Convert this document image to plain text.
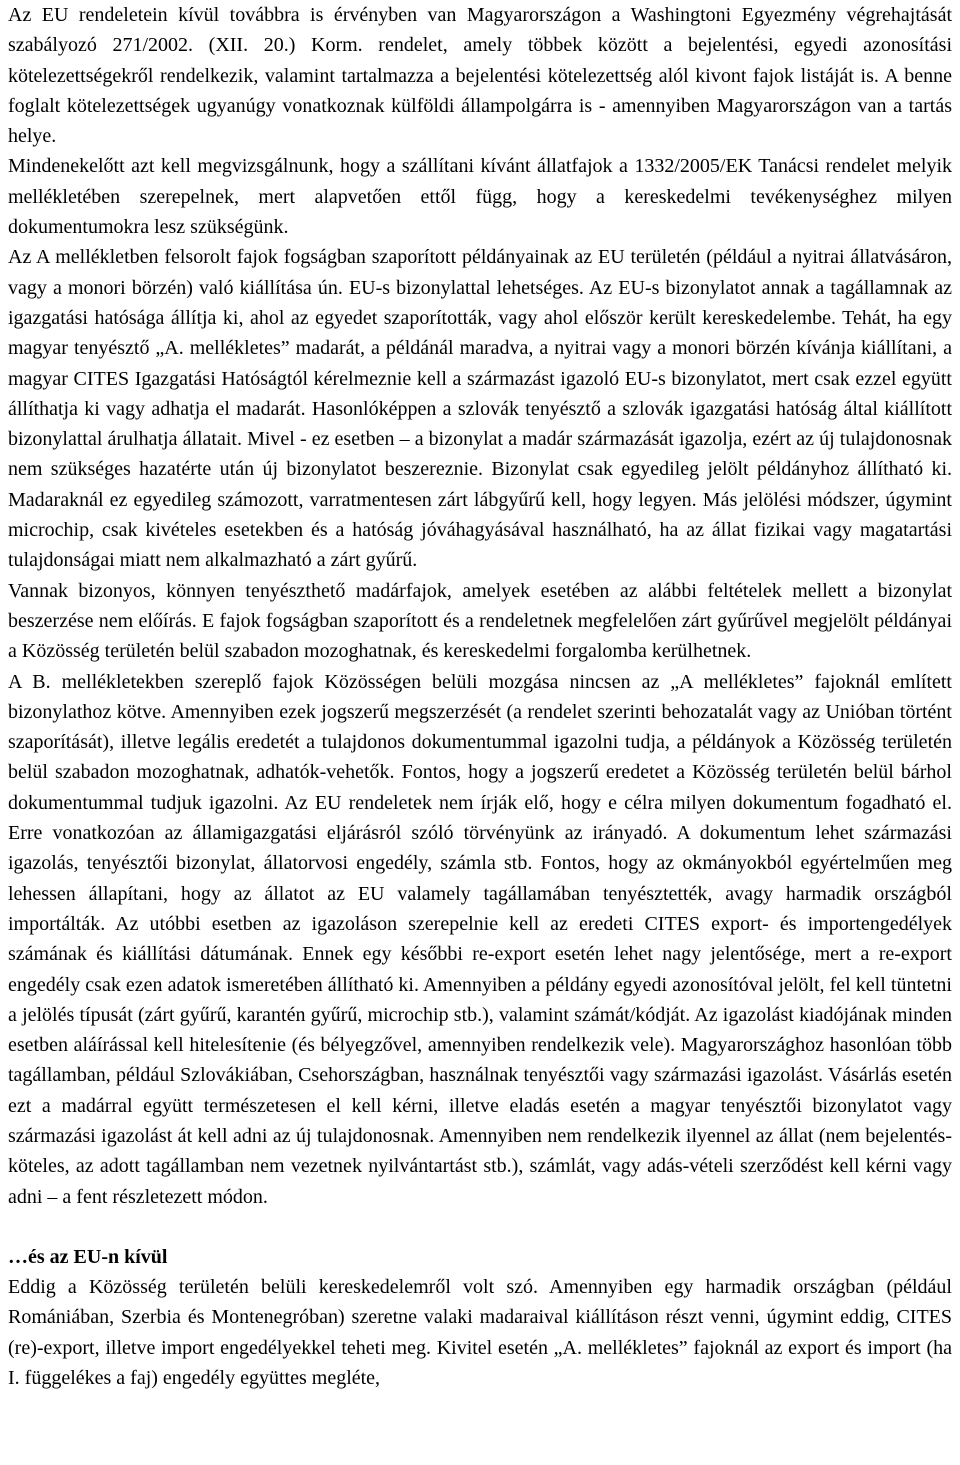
Az EU rendeletein kívül továbbra is érvényben van Magyarországon a Washingtoni Egyezmény végrehajtását szabályozó 271/2002. (XII. 20.) Korm. rendelet, amely többek között a bejelentési, egyedi azonosítási kötelezettségekről rendelkezik, valamint tartalmazza a bejelentési kötelezettség alól kivont fajok listáját is. A benne foglalt kötelezettségek ugyanúgy vonatkoznak külföldi állampolgárra is - amennyiben Magyarországon van a tartás helye.

Mindenekelőtt azt kell megvizsgálnunk, hogy a szállítani kívánt állatfajok a 1332/2005/EK Tanácsi rendelet melyik mellékletében szerepelnek, mert alapvetően ettől függ, hogy a kereskedelmi tevékenységhez milyen dokumentumokra lesz szükségünk.

Az A mellékletben felsorolt fajok fogságban szaporított példányainak az EU területén (például a nyitrai állatvásáron, vagy a monori börzén) való kiállítása ún. EU-s bizonylattal lehetséges. Az EU-s bizonylatot annak a tagállamnak az igazgatási hatósága állítja ki, ahol az egyedet szaporították, vagy ahol először került kereskedelembe. Tehát, ha egy magyar tenyésztő „A. mellékletes” madarát, a példánál maradva, a nyitrai vagy a monori börzén kívánja kiállítani, a magyar CITES Igazgatási Hatóságtól kérelmeznie kell a származást igazoló EU-s bizonylatot, mert csak ezzel együtt állíthatja ki vagy adhatja el madarát. Hasonlóképpen a szlovák tenyésztő a szlovák igazgatási hatóság által kiállított bizonylattal árulhatja állatait. Mivel - ez esetben – a bizonylat a madár származását igazolja, ezért az új tulajdonosnak nem szükséges hazatérte után új bizonylatot beszereznie. Bizonylat csak egyedileg jelölt példányhoz állítható ki. Madaraknál ez egyedileg számozott, varratmentesen zárt lábgyűrű kell, hogy legyen. Más jelölési módszer, úgymint microchip, csak kivételes esetekben és a hatóság jóváhagyásával használható, ha az állat fizikai vagy magatartási tulajdonságai miatt nem alkalmazható a zárt gyűrű.

Vannak bizonyos, könnyen tenyészthető madárfajok, amelyek esetében az alábbi feltételek mellett a bizonylat beszerzése nem előírás. E fajok fogságban szaporított és a rendeletnek megfelelően zárt gyűrűvel megjelölt példányai a Közösség területén belül szabadon mozoghatnak, és kereskedelmi forgalomba kerülhetnek.

A B. mellékletekben szereplő fajok Közösségen belüli mozgása nincsen az „A mellékletes” fajoknál említett bizonylathoz kötve. Amennyiben ezek jogszerű megszerzését (a rendelet szerinti behozatalát vagy az Unióban történt szaporítását), illetve legális eredetét a tulajdonos dokumentummal igazolni tudja, a példányok a Közösség területén belül szabadon mozoghatnak, adhatók-vehetők. Fontos, hogy a jogszerű eredetet a Közösség területén belül bárhol dokumentummal tudjuk igazolni. Az EU rendeletek nem írják elő, hogy e célra milyen dokumentum fogadható el. Erre vonatkozóan az államigazgatási eljárásról szóló törvényünk az irányadó. A dokumentum lehet származási igazolás, tenyésztői bizonylat, állatorvosi engedély, számla stb. Fontos, hogy az okmányokból egyértelműen meg lehessen állapítani, hogy az állatot az EU valamely tagállamában tenyésztették, avagy harmadik országból importálták. Az utóbbi esetben az igazoláson szerepelnie kell az eredeti CITES export- és importengedélyek számának és kiállítási dátumának. Ennek egy későbbi re-export esetén lehet nagy jelentősége, mert a re-export engedély csak ezen adatok ismeretében állítható ki. Amennyiben a példány egyedi azonosítóval jelölt, fel kell tüntetni a jelölés típusát (zárt gyűrű, karantén gyűrű, microchip stb.), valamint számát/kódját. Az igazolást kiadójának minden esetben aláírással kell hitelesítenie (és bélyegzővel, amennyiben rendelkezik vele). Magyarországhoz hasonlóan több tagállamban, például Szlovákiában, Csehországban, használnak tenyésztői vagy származási igazolást. Vásárlás esetén ezt a madárral együtt természetesen el kell kérni, illetve eladás esetén a magyar tenyésztői bizonylatot vagy származási igazolást át kell adni az új tulajdonosnak. Amennyiben nem rendelkezik ilyennel az állat (nem bejelentés-köteles, az adott tagállamban nem vezetnek nyilvántartást stb.), számlát, vagy adás-vételi szerződést kell kérni vagy adni – a fent részletezett módon.

…és az EU-n kívül

Eddig a Közösség területén belüli kereskedelemről volt szó. Amennyiben egy harmadik országban (például Romániában, Szerbia és Montenegróban) szeretne valaki madaraival kiállításon részt venni, úgymint eddig, CITES (re)-export, illetve import engedélyekkel teheti meg. Kivitel esetén „A. mellékletes” fajoknál az export és import (ha I. függelékes a faj) engedély együttes megléte,
